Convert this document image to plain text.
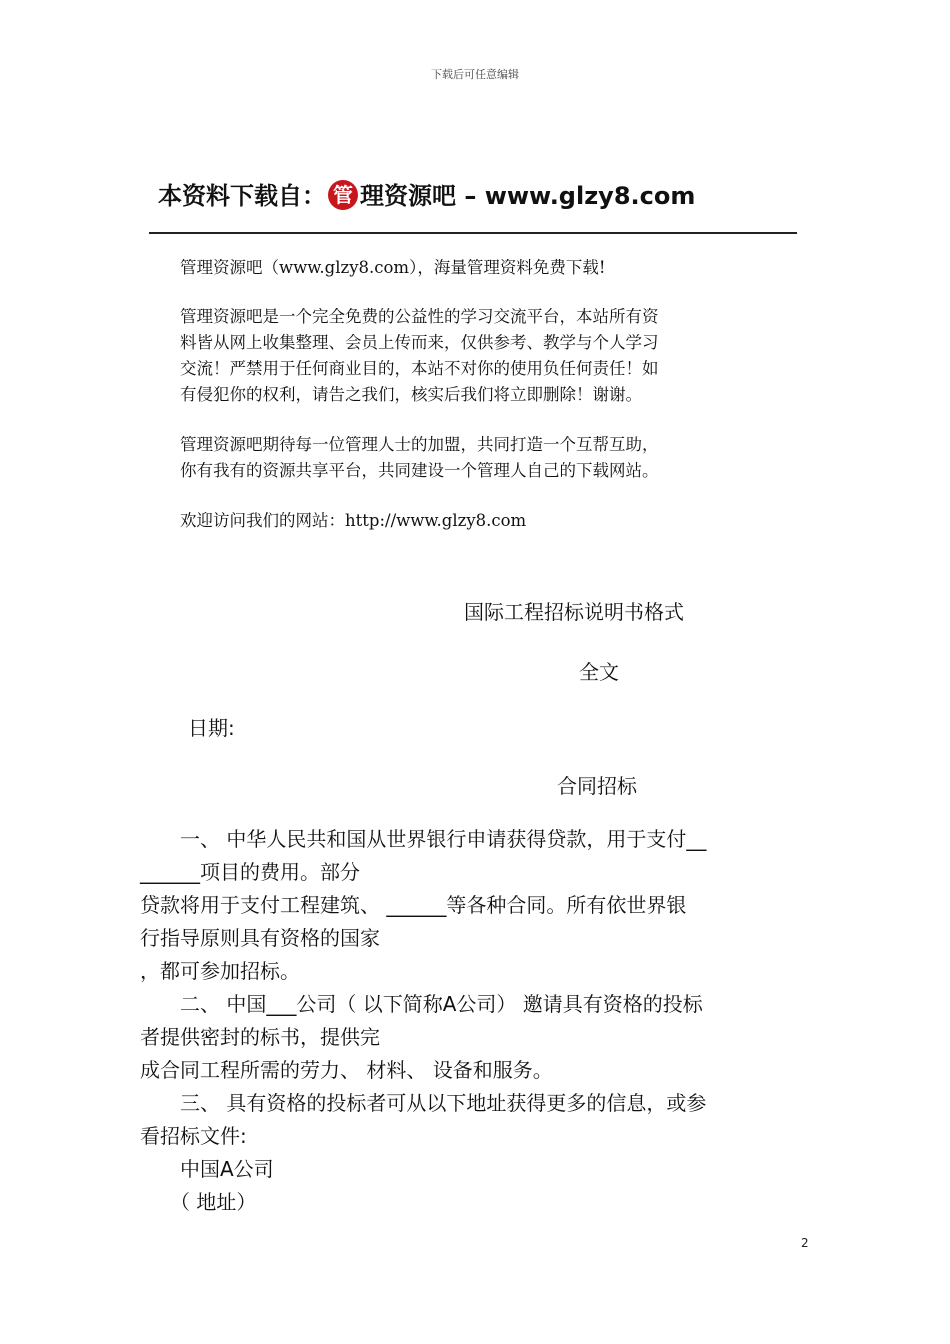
下载后可任意编辑
本资料下载自： 管 理资源吧 – www.glzy8.com
管理资源吧（www.glzy8.com），海量管理资料免费下载!
管理资源吧是一个完全免费的公益性的学习交流平台，本站所有资
料皆从网上收集整理、会员上传而来，仅供参考、教学与个人学习
交流！严禁用于任何商业目的，本站不对你的使用负任何责任！如
有侵犯你的权利，请告之我们，核实后我们将立即删除！谢谢。
管理资源吧期待每一位管理人士的加盟，共同打造一个互帮互助，
你有我有的资源共享平台，共同建设一个管理人自己的下载网站。
欢迎访问我们的网站：http://www.glzy8.com
国际工程招标说明书格式
全文
日期:
合同招标
　　一、 中华人民共和国从世界银行申请获得贷款，用于支付__
______项目的费用。部分
贷款将用于支付工程建筑、 ______等各种合同。所有依世界银
行指导原则具有资格的国家
，都可参加招标。
　　二、 中国___公司（ 以下简称A公司） 邀请具有资格的投标
者提供密封的标书，提供完
成合同工程所需的劳力、 材料、 设备和服务。
　　三、 具有资格的投标者可从以下地址获得更多的信息，或参
看招标文件:
　　中国A公司
　　（ 地址）
2
